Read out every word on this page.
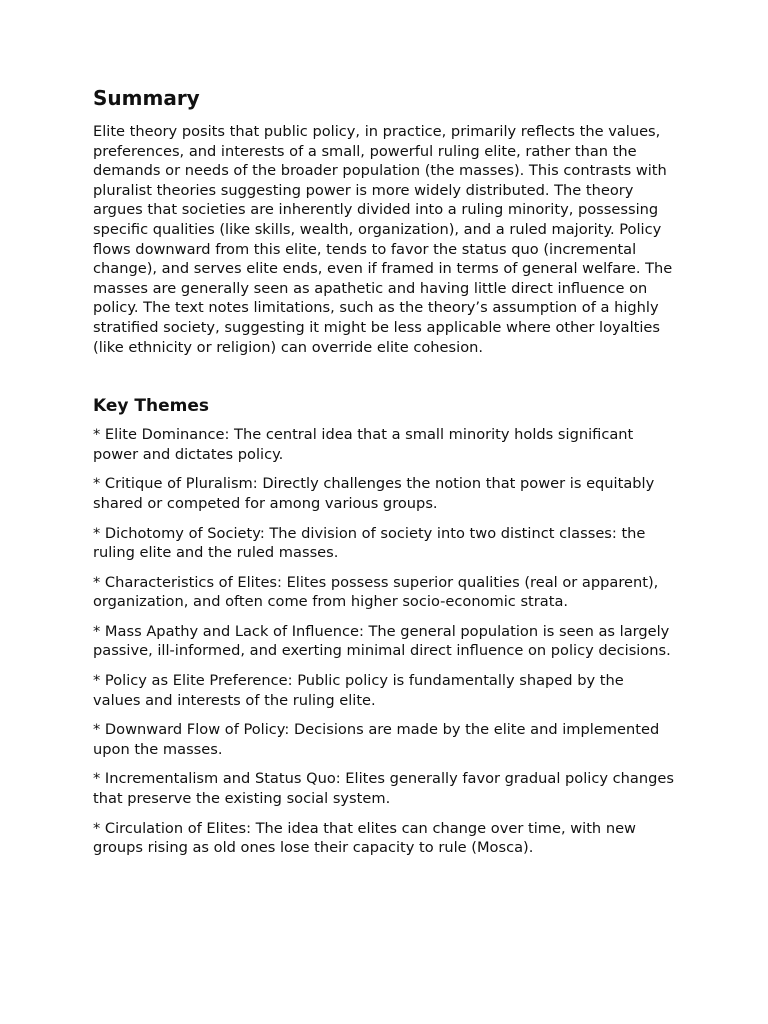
Summary

Elite theory posits that public policy, in practice, primarily reflects the values, preferences, and interests of a small, powerful ruling elite, rather than the demands or needs of the broader population (the masses). This contrasts with pluralist theories suggesting power is more widely distributed. The theory argues that societies are inherently divided into a ruling minority, possessing specific qualities (like skills, wealth, organization), and a ruled majority. Policy flows downward from this elite, tends to favor the status quo (incremental change), and serves elite ends, even if framed in terms of general welfare. The masses are generally seen as apathetic and having little direct influence on policy. The text notes limitations, such as the theory’s assumption of a highly stratified society, suggesting it might be less applicable where other loyalties (like ethnicity or religion) can override elite cohesion.

Key Themes
* Elite Dominance: The central idea that a small minority holds significant power and dictates policy.
* Critique of Pluralism: Directly challenges the notion that power is equitably shared or competed for among various groups.
* Dichotomy of Society: The division of society into two distinct classes: the ruling elite and the ruled masses.
* Characteristics of Elites: Elites possess superior qualities (real or apparent), organization, and often come from higher socio-economic strata.
* Mass Apathy and Lack of Influence: The general population is seen as largely passive, ill-informed, and exerting minimal direct influence on policy decisions.
* Policy as Elite Preference: Public policy is fundamentally shaped by the values and interests of the ruling elite.
* Downward Flow of Policy: Decisions are made by the elite and implemented upon the masses.
* Incrementalism and Status Quo: Elites generally favor gradual policy changes that preserve the existing social system.
* Circulation of Elites: The idea that elites can change over time, with new groups rising as old ones lose their capacity to rule (Mosca).
